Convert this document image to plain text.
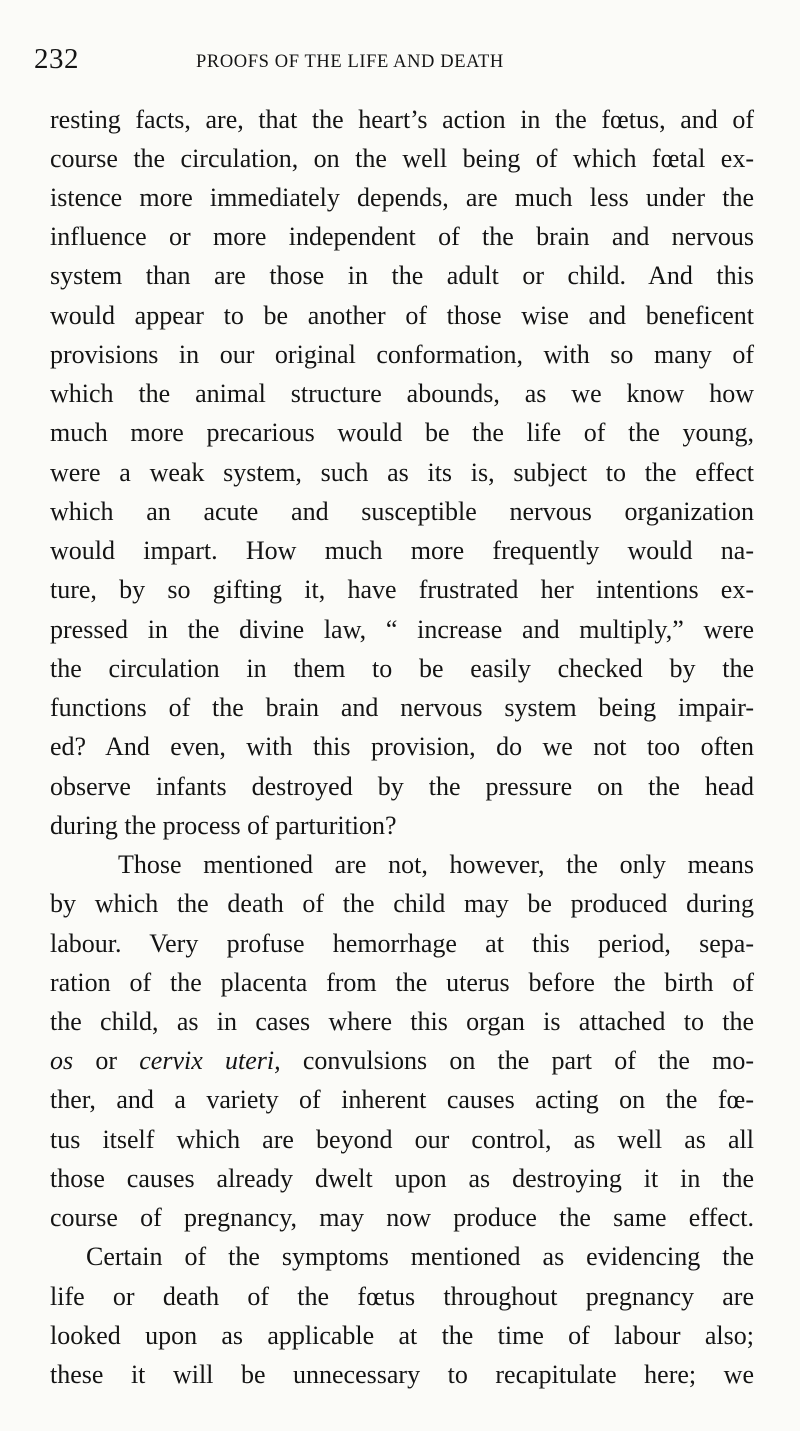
232	PROOFS OF THE LIFE AND DEATH
resting facts, are, that the heart’s action in the fœtus, and of
course the circulation, on the well being of which fœtal ex-
istence more immediately depends, are much less under the
influence or more independent of the brain and nervous
system than are those in the adult or child. And this
would appear to be another of those wise and beneficent
provisions in our original conformation, with so many of
which the animal structure abounds, as we know how
much more precarious would be the life of the young,
were a weak system, such as its is, subject to the effect
which an acute and susceptible nervous organization
would impart. How much more frequently would na-
ture, by so gifting it, have frustrated her intentions ex-
pressed in the divine law, “ increase and multiply,” were
the circulation in them to be easily checked by the
functions of the brain and nervous system being impair-
ed? And even, with this provision, do we not too often
observe infants destroyed by the pressure on the head
during the process of parturition?
Those mentioned are not, however, the only means
by which the death of the child may be produced during
labour. Very profuse hemorrhage at this period, sepa-
ration of the placenta from the uterus before the birth of
the child, as in cases where this organ is attached to the
os or cervix uteri, convulsions on the part of the mo-
ther, and a variety of inherent causes acting on the fœ-
tus itself which are beyond our control, as well as all
those causes already dwelt upon as destroying it in the
course of pregnancy, may now produce the same effect.
Certain of the symptoms mentioned as evidencing the
life or death of the fœtus throughout pregnancy are
looked upon as applicable at the time of labour also;
these it will be unnecessary to recapitulate here; we
